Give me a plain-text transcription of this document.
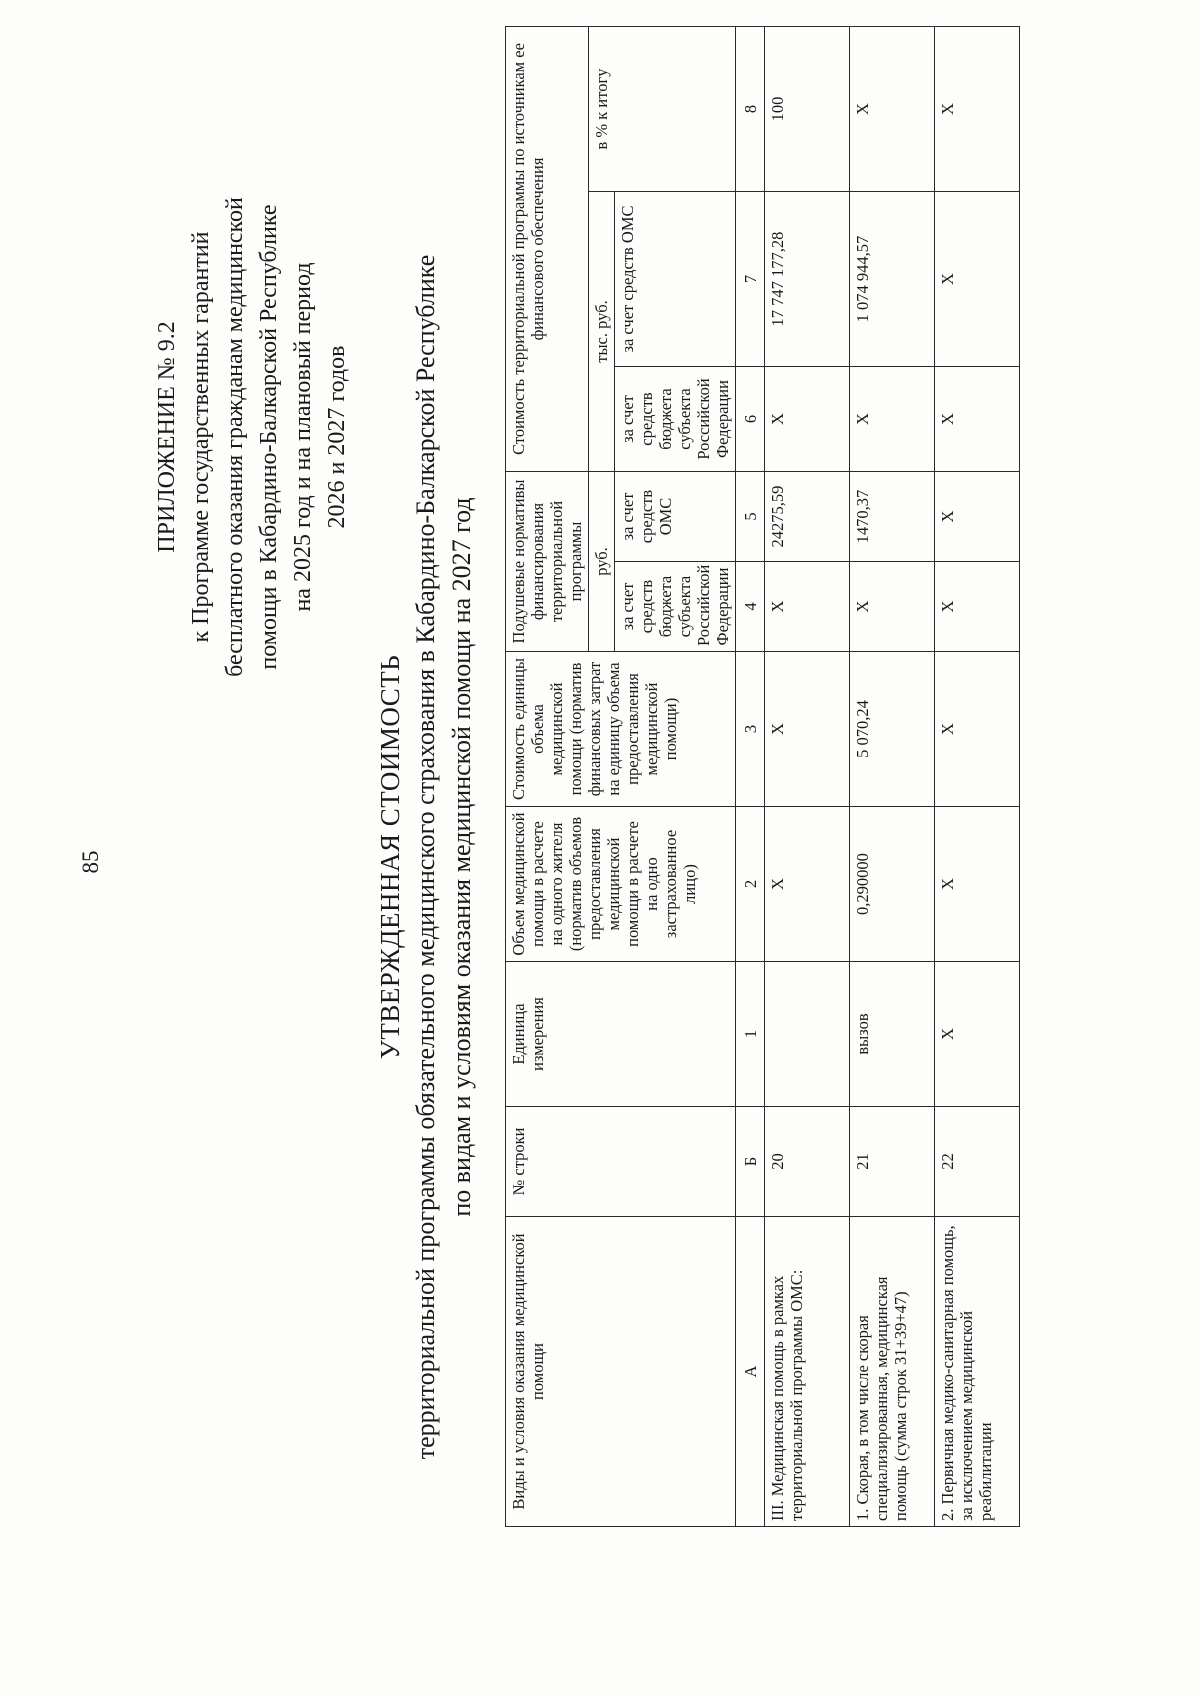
85
ПРИЛОЖЕНИЕ № 9.2 к Программе государственных гарантий бесплатного оказания гражданам медицинской помощи в Кабардино-Балкарской Республике на 2025 год и на плановый период 2026 и 2027 годов
УТВЕРЖДЕННАЯ СТОИМОСТЬ территориальной программы обязательного медицинского страхования в Кабардино-Балкарской Республике по видам и условиям оказания медицинской помощи на 2027 год
Виды и условия оказания медицинской помощи	№ строки	Единица измерения	Объем медицинской помощи в расчете на одного жителя (норматив объемов предоставления медицинской помощи в расчете на одно застрахованное лицо)	Стоимость единицы объема медицинской помощи (норматив финансовых затрат на единицу объема предоставления медицинской помощи)	Подушевые нормативы финансирования территориальной программы		Стоимость территориальной программы по источникам ее финансового обеспечения		
					руб.		тыс. руб.		в % к итогу
					за счет средств бюджета субъекта Российской Федерации	за счет средств ОМС	за счет средств бюджета субъекта Российской Федерации	за счет средств ОМС	
А	Б	1	2	3	4	5	6	7	8
III. Медицинская помощь в рамках территориальной программы ОМС:	20		Х	Х	Х	24275,59	Х	17 747 177,28	100
1. Скорая, в том числе скорая специализированная, медицинская помощь (сумма строк 31+39+47)	21	вызов	0,290000	5 070,24	Х	1470,37	Х	1 074 944,57	Х
2. Первичная медико-санитарная помощь, за исключением медицинской реабилитации	22	Х	Х	Х	Х	Х	Х	Х	Х
